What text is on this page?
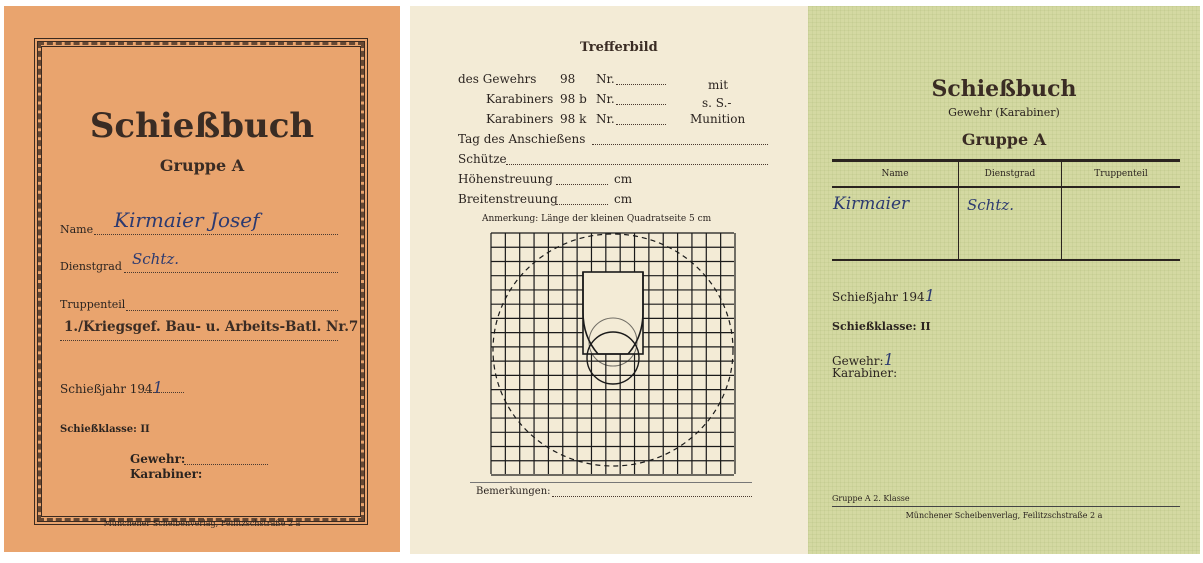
Schießbuch
Gruppe A
Name Kirmaier Josef
Dienstgrad Schtz.
Truppenteil
1./Kriegsgef. Bau- u. Arbeits-Batl. Nr.7
Schießjahr 1941
Schießklasse: II
Gewehr:
Karabiner:
Münchener Scheibenverlag, Feilitzschstraße 2 a
Trefferbild
des Gewehrs 98 Nr.	mit
Karabiners 98 b Nr.	s. S.-
Karabiners 98 k Nr.	Munition
Tag des Anschießens
Schütze
Höhenstreuung	cm
Breitenstreuung	cm
Anmerkung: Länge der kleinen Quadratseite 5 cm
Bemerkungen:
Schießbuch
Gewehr (Karabiner)
Gruppe A
Name	Dienstgrad	Truppenteil
Kirmaier	Schtz.	
Schießjahr 1941
Schießklasse: II
Gewehr:1
Karabiner:
Gruppe A 2. Klasse
Münchener Scheibenverlag, Feilitzschstraße 2 a
